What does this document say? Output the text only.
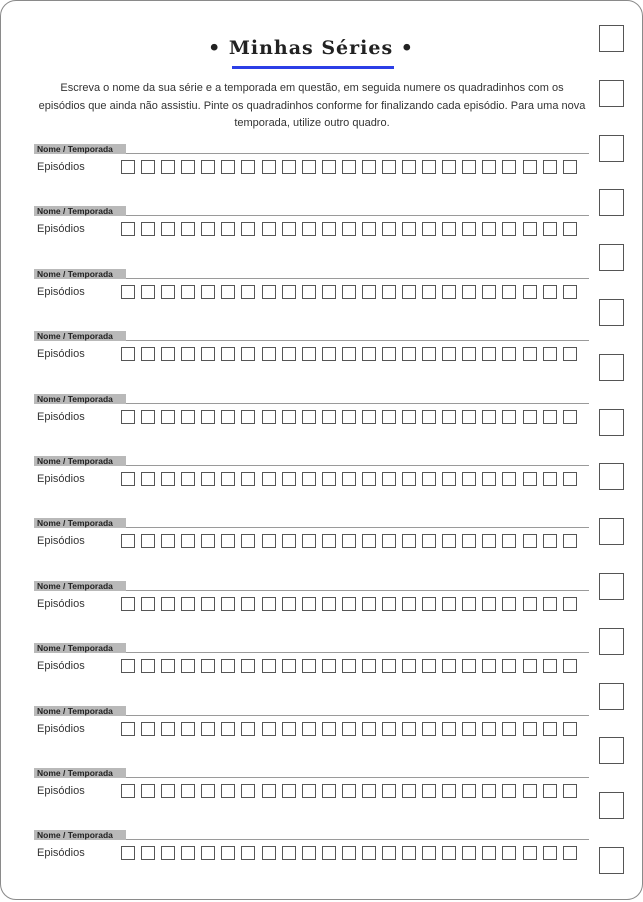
• Minhas Séries •
Escreva o nome da sua série e a temporada em questão, em seguida numere os quadradinhos com os episódios que ainda não assistiu. Pinte os quadradinhos conforme for finalizando cada episódio. Para uma nova temporada, utilize outro quadro.
Nome / Temporada
Episódios
Nome / Temporada
Episódios
Nome / Temporada
Episódios
Nome / Temporada
Episódios
Nome / Temporada
Episódios
Nome / Temporada
Episódios
Nome / Temporada
Episódios
Nome / Temporada
Episódios
Nome / Temporada
Episódios
Nome / Temporada
Episódios
Nome / Temporada
Episódios
Nome / Temporada
Episódios
